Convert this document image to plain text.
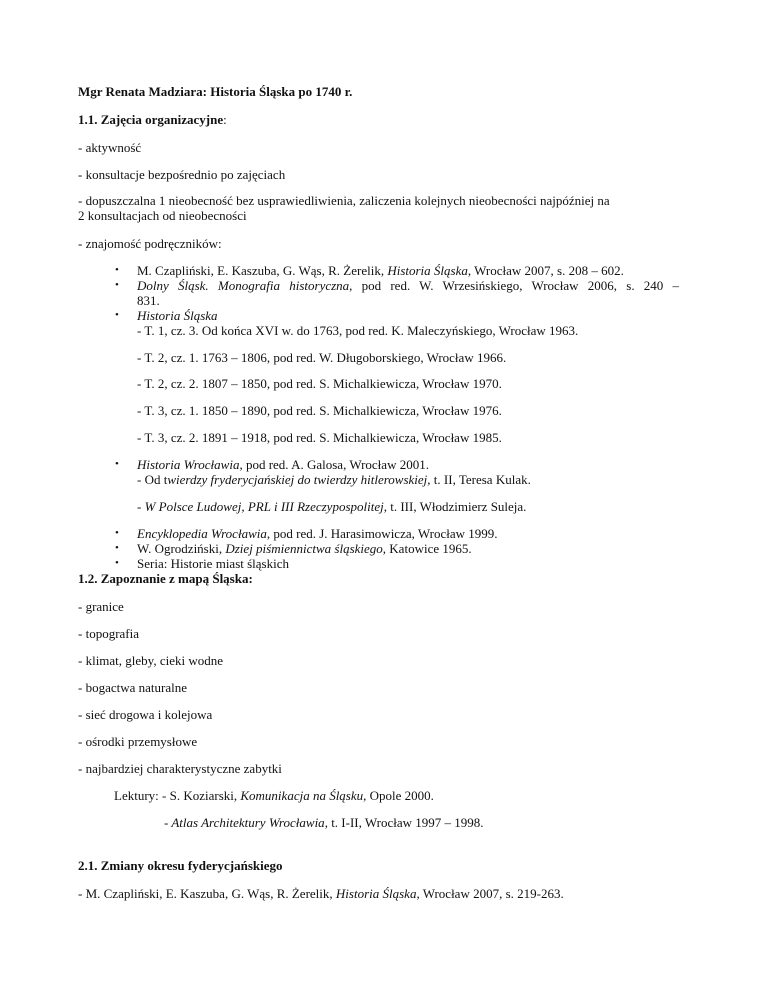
Mgr Renata Madziara: Historia Śląska po 1740 r.
1.1. Zajęcia organizacyjne:
- aktywność
- konsultacje bezpośrednio po zajęciach
- dopuszczalna 1 nieobecność bez usprawiedliwienia, zaliczenia kolejnych nieobecności najpóźniej na
2 konsultacjach od nieobecności
- znajomość podręczników:
•	M. Czapliński, E. Kaszuba, G. Wąs, R. Żerelik, Historia Śląska, Wrocław 2007, s. 208 – 602.
•	Dolny Śląsk. Monografia historyczna, pod red. W. Wrzesińskiego, Wrocław 2006, s. 240 –
831.
•	Historia Śląska
- T. 1, cz. 3. Od końca XVI w. do 1763, pod red. K. Maleczyńskiego, Wrocław 1963.
- T. 2, cz. 1. 1763 – 1806, pod red. W. Długoborskiego, Wrocław 1966.
- T. 2, cz. 2. 1807 – 1850, pod red. S. Michalkiewicza, Wrocław 1970.
- T. 3, cz. 1. 1850 – 1890, pod red. S. Michalkiewicza, Wrocław 1976.
- T. 3, cz. 2. 1891 – 1918, pod red. S. Michalkiewicza, Wrocław 1985.
•	Historia Wrocławia, pod red. A. Galosa, Wrocław 2001.
- Od twierdzy fryderycjańskiej do twierdzy hitlerowskiej, t. II, Teresa Kulak.
- W Polsce Ludowej, PRL i III Rzeczypospolitej, t. III, Włodzimierz Suleja.
•	Encyklopedia Wrocławia, pod red. J. Harasimowicza, Wrocław 1999.
•	W. Ogrodziński, Dziej piśmiennictwa śląskiego, Katowice 1965.
•	Seria: Historie miast śląskich
1.2. Zapoznanie z mapą Śląska:
- granice
- topografia
- klimat, gleby, cieki wodne
- bogactwa naturalne
- sieć drogowa i kolejowa
- ośrodki przemysłowe
- najbardziej charakterystyczne zabytki
Lektury: - S. Koziarski, Komunikacja na Śląsku, Opole 2000.
- Atlas Architektury Wrocławia, t. I-II, Wrocław 1997 – 1998.
2.1. Zmiany okresu fyderycjańskiego
- M. Czapliński, E. Kaszuba, G. Wąs, R. Żerelik, Historia Śląska, Wrocław 2007, s. 219-263.
